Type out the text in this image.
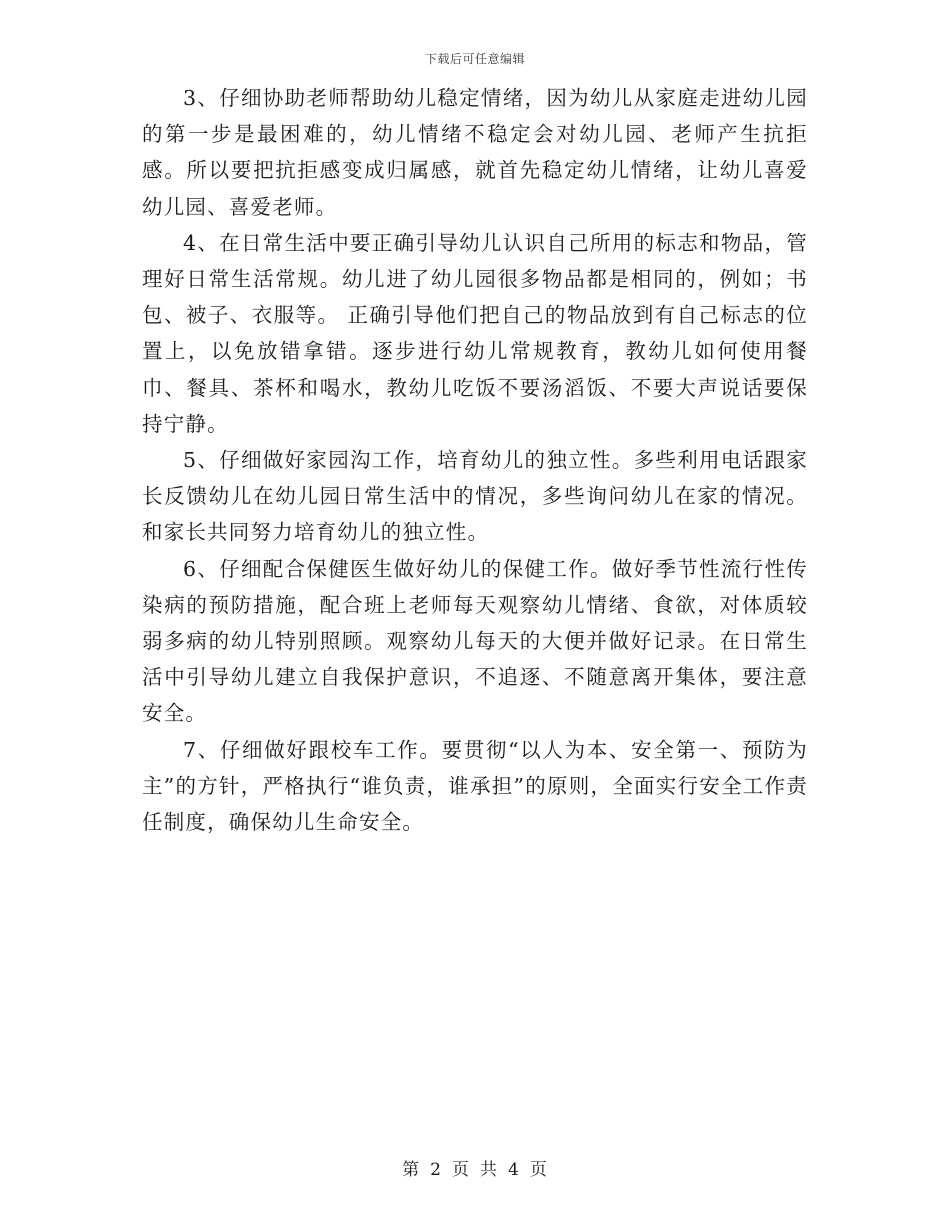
下载后可任意编辑

3、仔细协助老师帮助幼儿稳定情绪，因为幼儿从家庭走进幼儿园的第一步是最困难的，幼儿情绪不稳定会对幼儿园、老师产生抗拒感。所以要把抗拒感变成归属感，就首先稳定幼儿情绪，让幼儿喜爱幼儿园、喜爱老师。

4、在日常生活中要正确引导幼儿认识自己所用的标志和物品，管理好日常生活常规。幼儿进了幼儿园很多物品都是相同的，例如；书包、被子、衣服等。 正确引导他们把自己的物品放到有自己标志的位置上，以免放错拿错。逐步进行幼儿常规教育，教幼儿如何使用餐巾、餐具、茶杯和喝水，教幼儿吃饭不要汤滔饭、不要大声说话要保持宁静。

5、仔细做好家园沟工作，培育幼儿的独立性。多些利用电话跟家长反馈幼儿在幼儿园日常生活中的情况，多些询问幼儿在家的情况。和家长共同努力培育幼儿的独立性。

6、仔细配合保健医生做好幼儿的保健工作。做好季节性流行性传染病的预防措施，配合班上老师每天观察幼儿情绪、食欲，对体质较弱多病的幼儿特别照顾。观察幼儿每天的大便并做好记录。在日常生活中引导幼儿建立自我保护意识，不追逐、不随意离开集体，要注意安全。

7、仔细做好跟校车工作。要贯彻“以人为本、安全第一、预防为主”的方针，严格执行“谁负责，谁承担”的原则，全面实行安全工作责任制度，确保幼儿生命安全。

第 2 页 共 4 页
